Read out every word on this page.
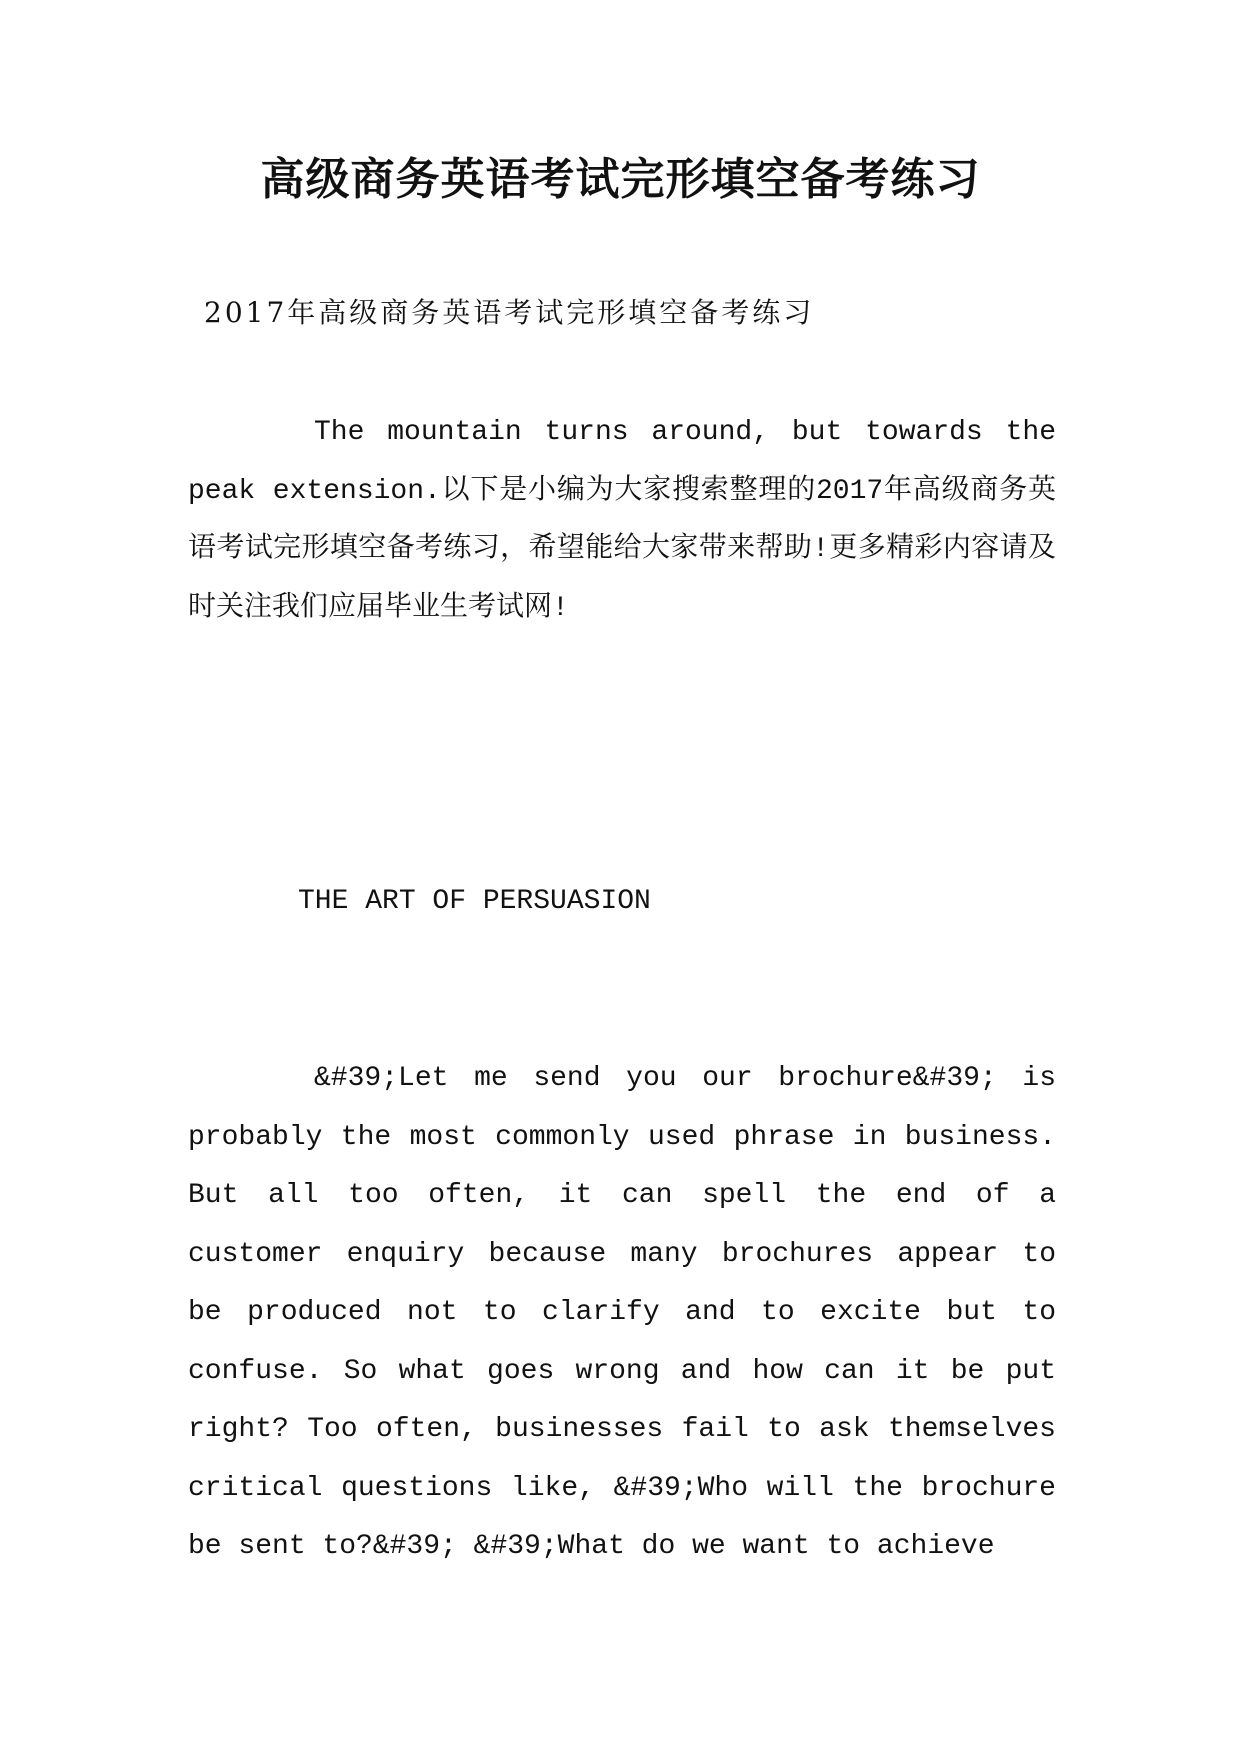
高级商务英语考试完形填空备考练习

2017年高级商务英语考试完形填空备考练习

The mountain turns around, but towards the peak extension.以下是小编为大家搜索整理的2017年高级商务英语考试完形填空备考练习，希望能给大家带来帮助!更多精彩内容请及时关注我们应届毕业生考试网!

THE ART OF PERSUASION

&#39;Let me send you our brochure&#39; is probably the most commonly used phrase in business. But all too often, it can spell the end of a customer enquiry because many brochures appear to be produced not to clarify and to excite but to confuse. So what goes wrong and how can it be put right? Too often, businesses fail to ask themselves critical questions like, &#39;Who will the brochure be sent to?&#39; &#39;What do we want to achieve
